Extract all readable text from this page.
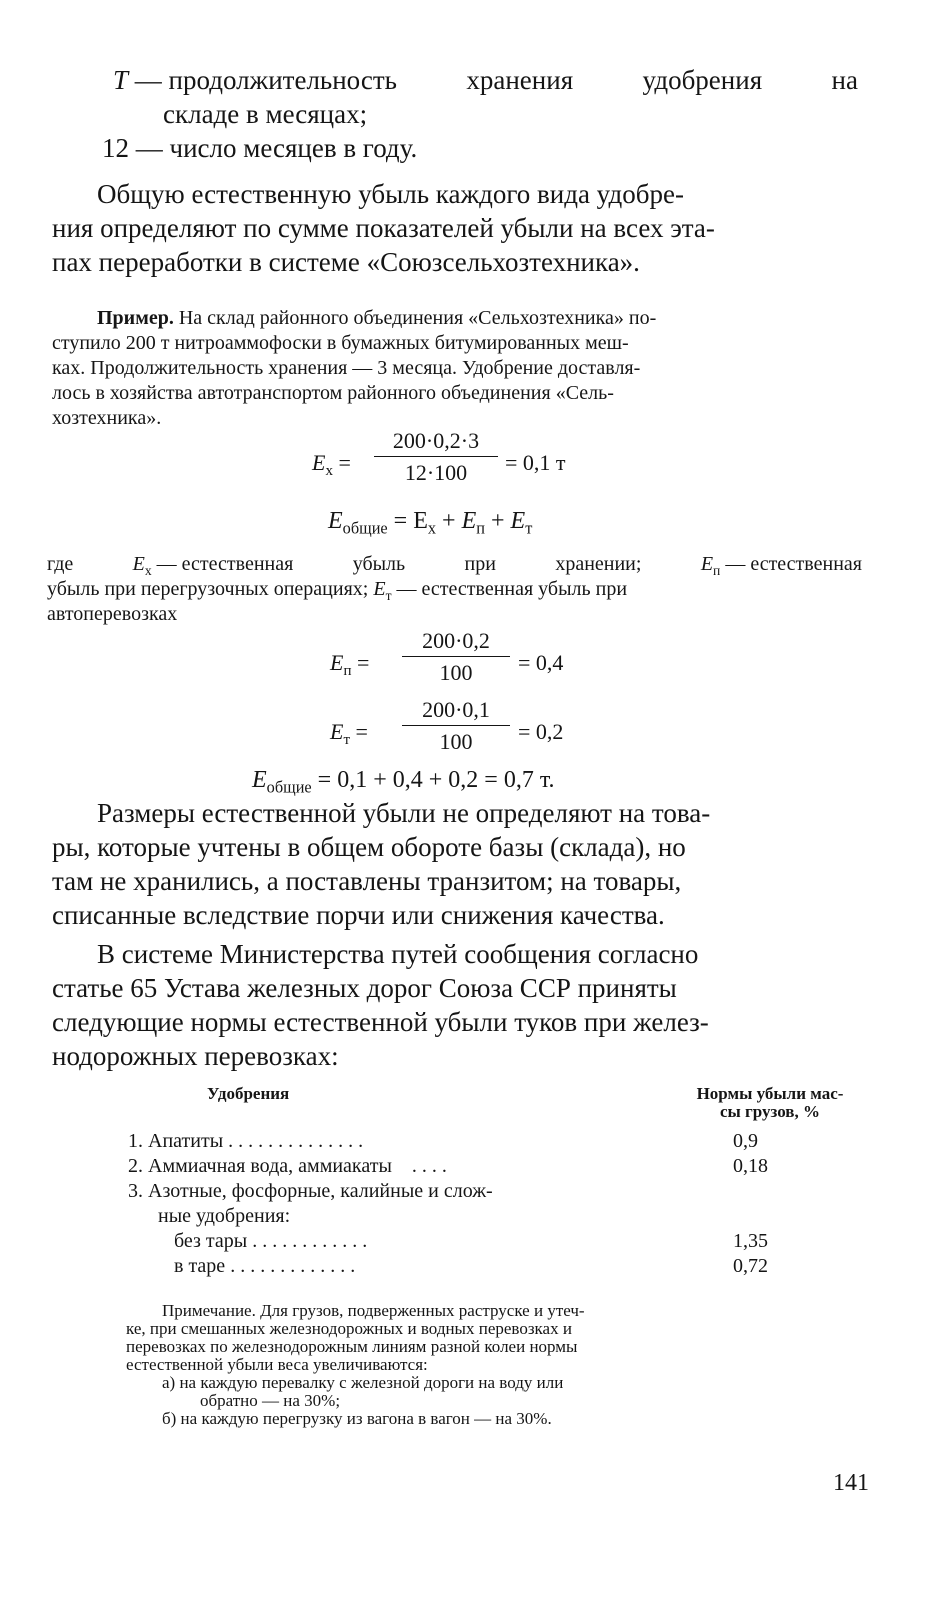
T — продолжительность	хранения	удобрения	на
складе в месяцах;
12 — число месяцев в году.
Общую естественную убыль каждого вида удобре-
ния определяют по сумме показателей убыли на всех эта-
пах переработки в системе «Союзсельхозтехника».
Пример. На склад районного объединения «Сельхозтехника» по-
ступило 200 т нитроаммофоски в бумажных битумированных меш-
ках. Продолжительность хранения — 3 месяца. Удобрение доставля-
лось в хозяйства автотранспортом районного объединения «Сель-
хозтехника».
$E_х$ =
200·0,2·3
12·100	= 0,1 т
$E_{общие} = E_х + E_п + E_т$
где	$E_х$ — естественная	убыль	при	хранении;	$E_п$ — естественная
убыль при перегрузочных операциях; $E_т$ — естественная убыль при
автоперевозках
$E_п$ =
200·0,2
100	= 0,4
$E_т$ =
200·0,1
100	= 0,2
$E_{общие} = 0,1 + 0,4 + 0,2 = 0,7$ т.
Размеры естественной убыли не определяют на това-
ры, которые учтены в общем обороте базы (склада), но
там не хранились, а поставлены транзитом; на товары,
списанные вследствие порчи или снижения качества.
В системе Министерства путей сообщения согласно
статье 65 Устава железных дорог Союза ССР приняты
следующие нормы естественной убыли туков при желез-
нодорожных перевозках:
Удобрения	Нормы убыли мас-
сы грузов, %
1. Апатиты . . . . . . . . . . . . . .	0,9
2. Аммиачная вода, аммиакаты . . . .	0,18
3. Азотные, фосфорные, калийные и слож-
ные удобрения:
без тары . . . . . . . . . . . .	1,35
в таре . . . . . . . . . . . . .	0,72
Примечание. Для грузов, подверженных раструске и утеч-
ке, при смешанных железнодорожных и водных перевозках и
перевозках по железнодорожным линиям разной колеи нормы
естественной убыли веса увеличиваются:
а) на каждую перевалку с железной дороги на воду или
обратно — на 30%;
б) на каждую перегрузку из вагона в вагон — на 30%.
141
